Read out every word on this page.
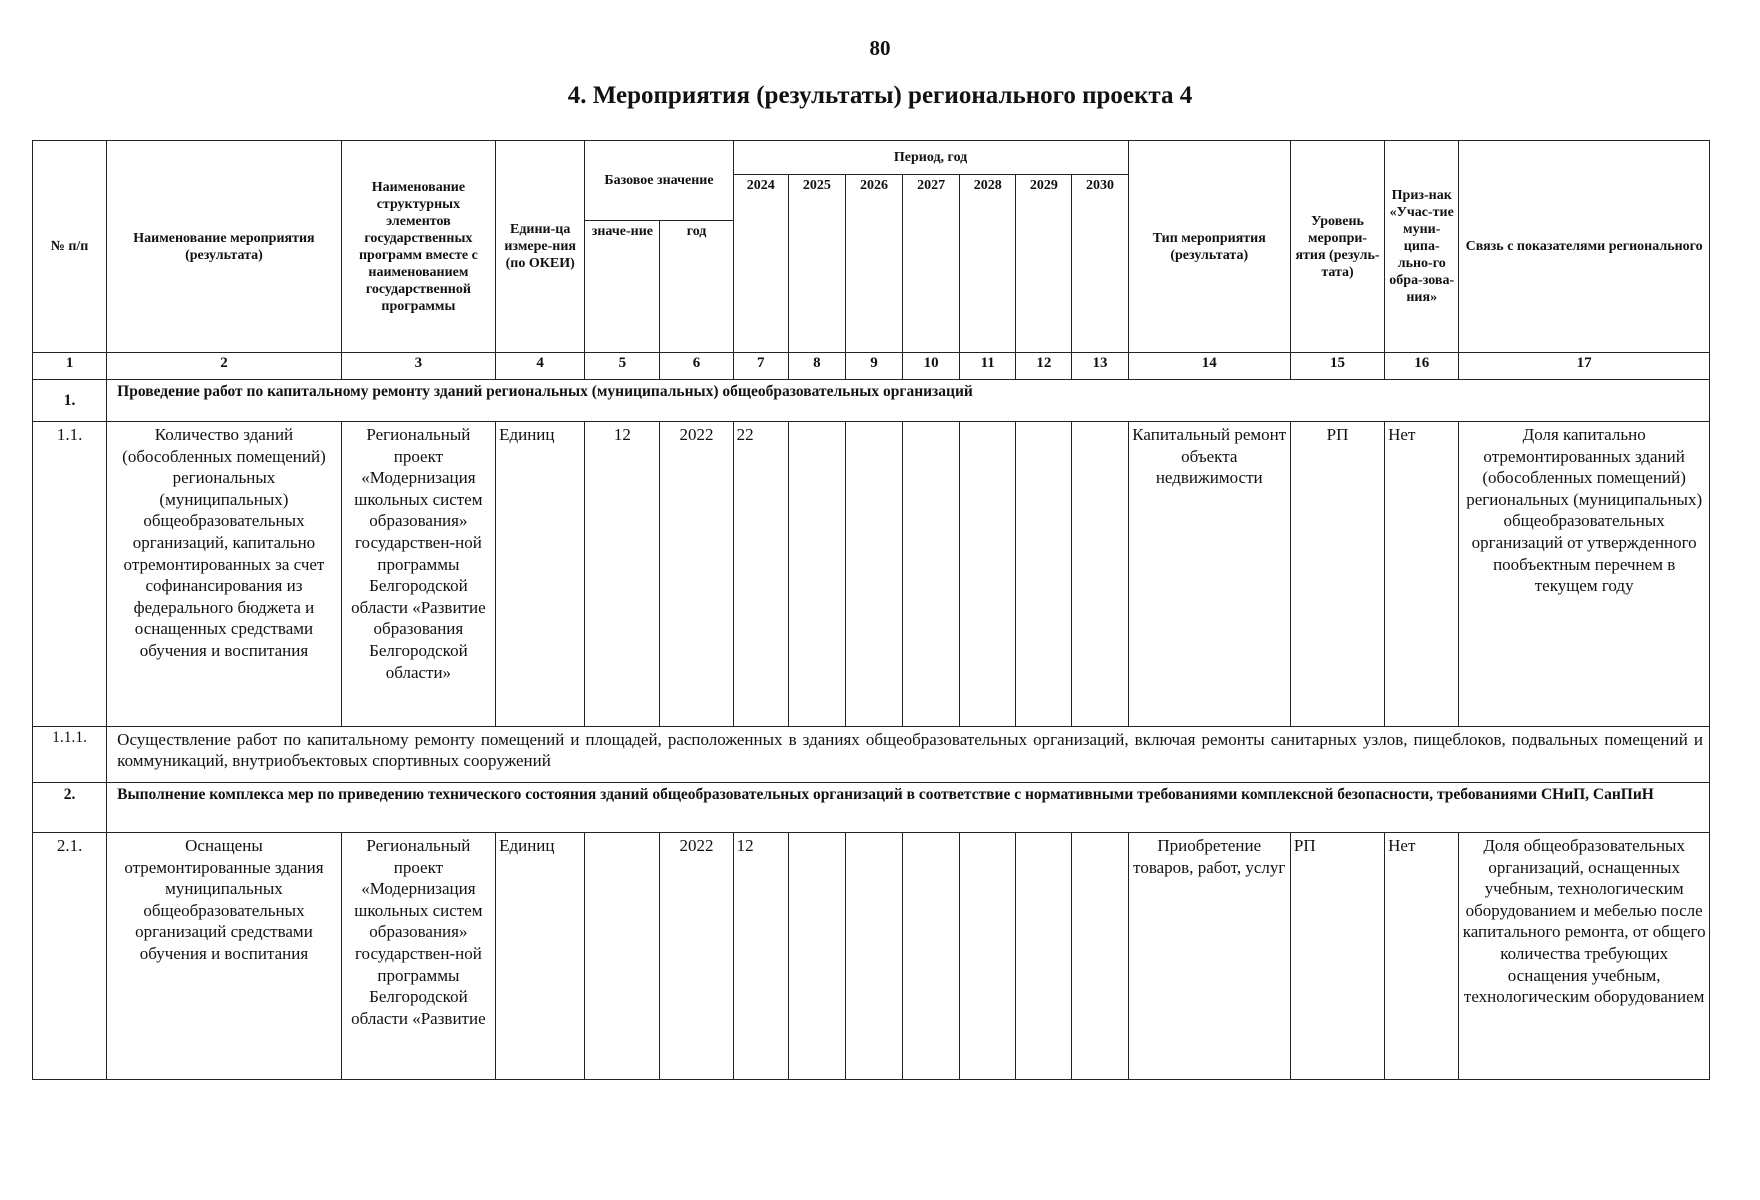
80
4. Мероприятия (результаты) регионального проекта 4
№ п/п	Наименование мероприятия (результата)	Наименование структурных элементов государственных программ вместе с наименованием государственной программы	Едини-ца измере-ния (по ОКЕИ)	Базовое значение		Период, год							Тип мероприятия (результата)	Уровень меропри-ятия (резуль-тата)	Приз-нак «Учас-тие муни-ципа-льно-го обра-зова-ния»	Связь с показателями регионального
						2024	2025	2026	2027	2028	2029	2030				
				значе-ние	год											
1	2	3	4	5	6	7	8	9	10	11	12	13	14	15	16	17
1.	Проведение работ по капитальному ремонту зданий региональных (муниципальных) общеобразовательных организаций															
1.1.	Количество зданий (обособленных помещений) региональных (муниципальных) общеобразовательных организаций, капитально отремонтированных за счет софинансирования из федерального бюджета и оснащенных средствами обучения и воспитания	Региональный проект «Модернизация школьных систем образования» государствен-ной программы Белгородской области «Развитие образования Белгородской области»	Единиц	12	2022	22							Капитальный ремонт объекта недвижимости	РП	Нет	Доля капитально отремонтированных зданий (обособленных помещений) региональных (муниципальных) общеобразовательных организаций от утвержденного пообъектным перечнем в текущем году
1.1.1.	Осуществление работ по капитальному ремонту помещений и площадей, расположенных в зданиях общеобразовательных организаций, включая ремонты санитарных узлов, пищеблоков, подвальных помещений и коммуникаций, внутриобъектовых спортивных сооружений															
2.	Выполнение комплекса мер по приведению технического состояния зданий общеобразовательных организаций в соответствие с нормативными требованиями комплексной безопасности, требованиями СНиП, СанПиН															
2.1.	Оснащены отремонтированные здания муниципальных общеобразовательных организаций средствами обучения и воспитания	Региональный проект «Модернизация школьных систем образования» государствен-ной программы Белгородской области «Развитие	Единиц		2022	12							Приобретение товаров, работ, услуг	РП	Нет	Доля общеобразовательных организаций, оснащенных учебным, технологическим оборудованием и мебелью после капитального ремонта, от общего количества требующих оснащения учебным, технологическим оборудованием
